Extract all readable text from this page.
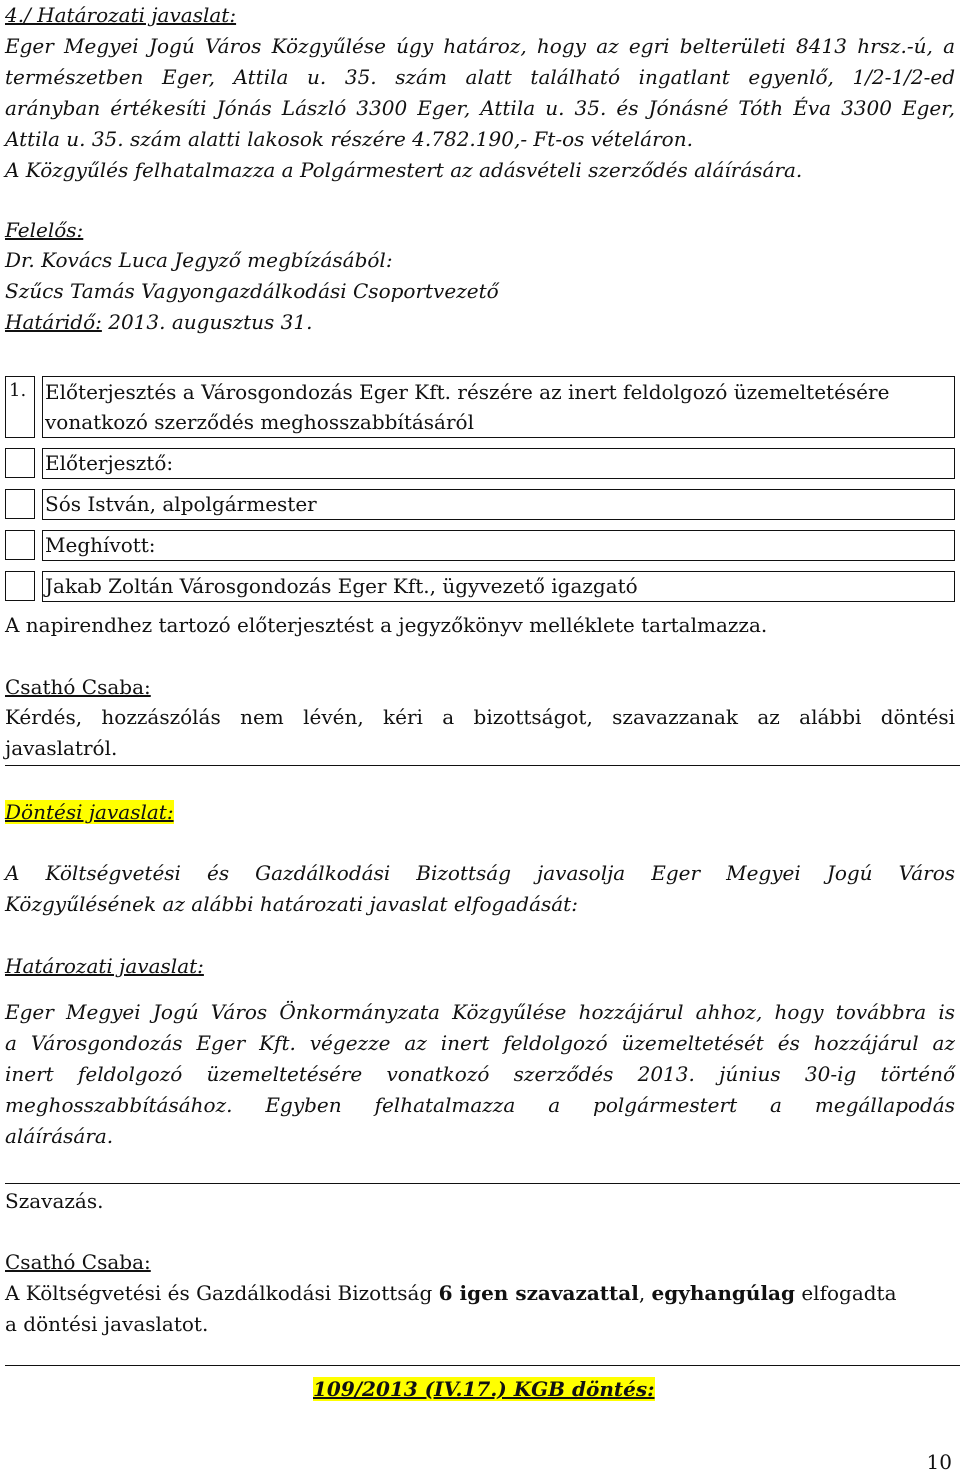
4./ Határozati javaslat:
Eger Megyei Jogú Város Közgyűlése úgy határoz, hogy az egri belterületi 8413 hrsz.-ú, a
természetben Eger, Attila u. 35. szám alatt található ingatlant egyenlő, 1/2-1/2-ed
arányban értékesíti Jónás László 3300 Eger, Attila u. 35. és Jónásné Tóth Éva 3300 Eger,
Attila u. 35. szám alatti lakosok részére 4.782.190,- Ft-os vételáron.
A Közgyűlés felhatalmazza a Polgármestert az adásvételi szerződés aláírására.
Felelős:
Dr. Kovács Luca Jegyző megbízásából:
Szűcs Tamás Vagyongazdálkodási Csoportvezető
Határidő: 2013. augusztus 31.
1. Előterjesztés a Városgondozás Eger Kft. részére az inert feldolgozó üzemeltetésére
vonatkozó szerződés meghosszabbításáról
Előterjesztő:
Sós István, alpolgármester
Meghívott:
Jakab Zoltán Városgondozás Eger Kft., ügyvezető igazgató
A napirendhez tartozó előterjesztést a jegyzőkönyv melléklete tartalmazza.
Csathó Csaba:
Kérdés, hozzászólás nem lévén, kéri a bizottságot, szavazzanak az alábbi döntési
javaslatról.
Döntési javaslat:
A Költségvetési és Gazdálkodási Bizottság javasolja Eger Megyei Jogú Város
Közgyűlésének az alábbi határozati javaslat elfogadását:
Határozati javaslat:
Eger Megyei Jogú Város Önkormányzata Közgyűlése hozzájárul ahhoz, hogy továbbra is
a Városgondozás Eger Kft. végezze az inert feldolgozó üzemeltetését és hozzájárul az
inert feldolgozó üzemeltetésére vonatkozó szerződés 2013. június 30-ig történő
meghosszabbításához. Egyben felhatalmazza a polgármestert a megállapodás
aláírására.
Szavazás.
Csathó Csaba:
A Költségvetési és Gazdálkodási Bizottság 6 igen szavazattal, egyhangúlag elfogadta
a döntési javaslatot.
109/2013 (IV.17.) KGB döntés:
10
